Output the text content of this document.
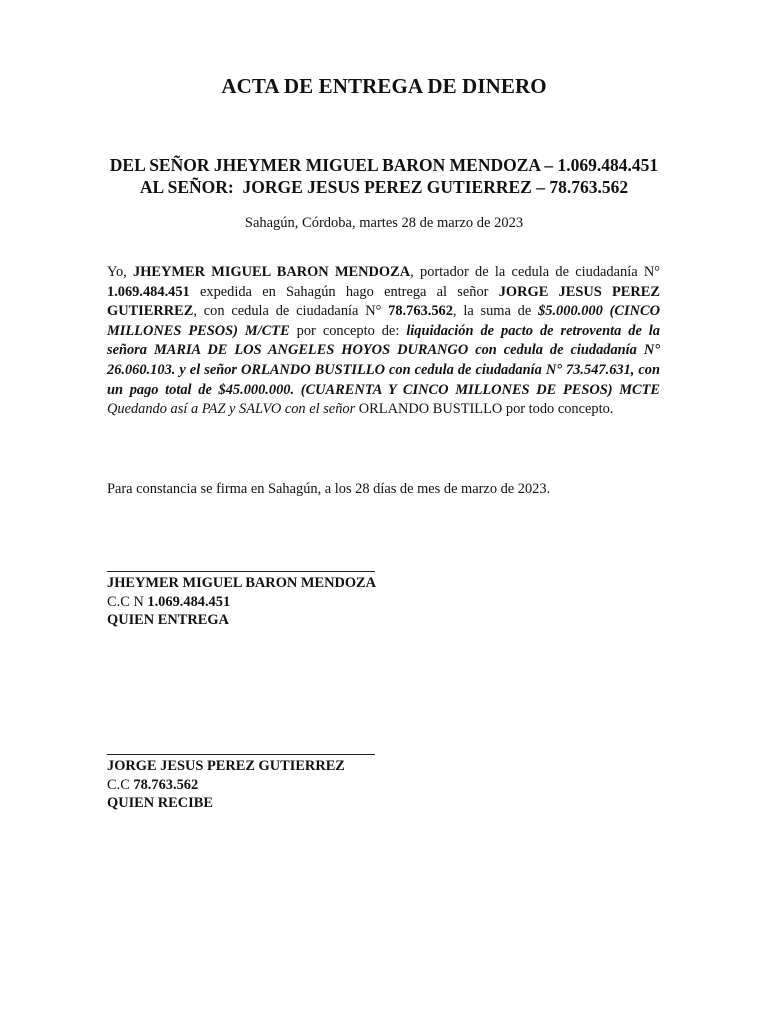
ACTA DE ENTREGA DE DINERO
DEL SEÑOR JHEYMER MIGUEL BARON MENDOZA – 1.069.484.451
AL SEÑOR:  JORGE JESUS PEREZ GUTIERREZ – 78.763.562
Sahagún, Córdoba, martes 28 de marzo de 2023
Yo, JHEYMER MIGUEL BARON MENDOZA, portador de la cedula de ciudadanía N° 1.069.484.451 expedida en Sahagún hago entrega al señor JORGE JESUS PEREZ GUTIERREZ, con cedula de ciudadanía N° 78.763.562, la suma de $5.000.000 (CINCO MILLONES PESOS) M/CTE por concepto de: liquidación de pacto de retroventa de la señora MARIA DE LOS ANGELES HOYOS DURANGO con cedula de ciudadanía N° 26.060.103. y el señor ORLANDO BUSTILLO con cedula de ciudadanía N° 73.547.631, con un pago total de $45.000.000. (CUARENTA Y CINCO MILLONES DE PESOS) MCTE Quedando así a PAZ y SALVO con el señor ORLANDO BUSTILLO por todo concepto.
Para constancia se firma en Sahagún, a los 28 días de mes de marzo de 2023.
JHEYMER MIGUEL BARON MENDOZA
C.C N 1.069.484.451
QUIEN ENTREGA
JORGE JESUS PEREZ GUTIERREZ
C.C 78.763.562
QUIEN RECIBE
